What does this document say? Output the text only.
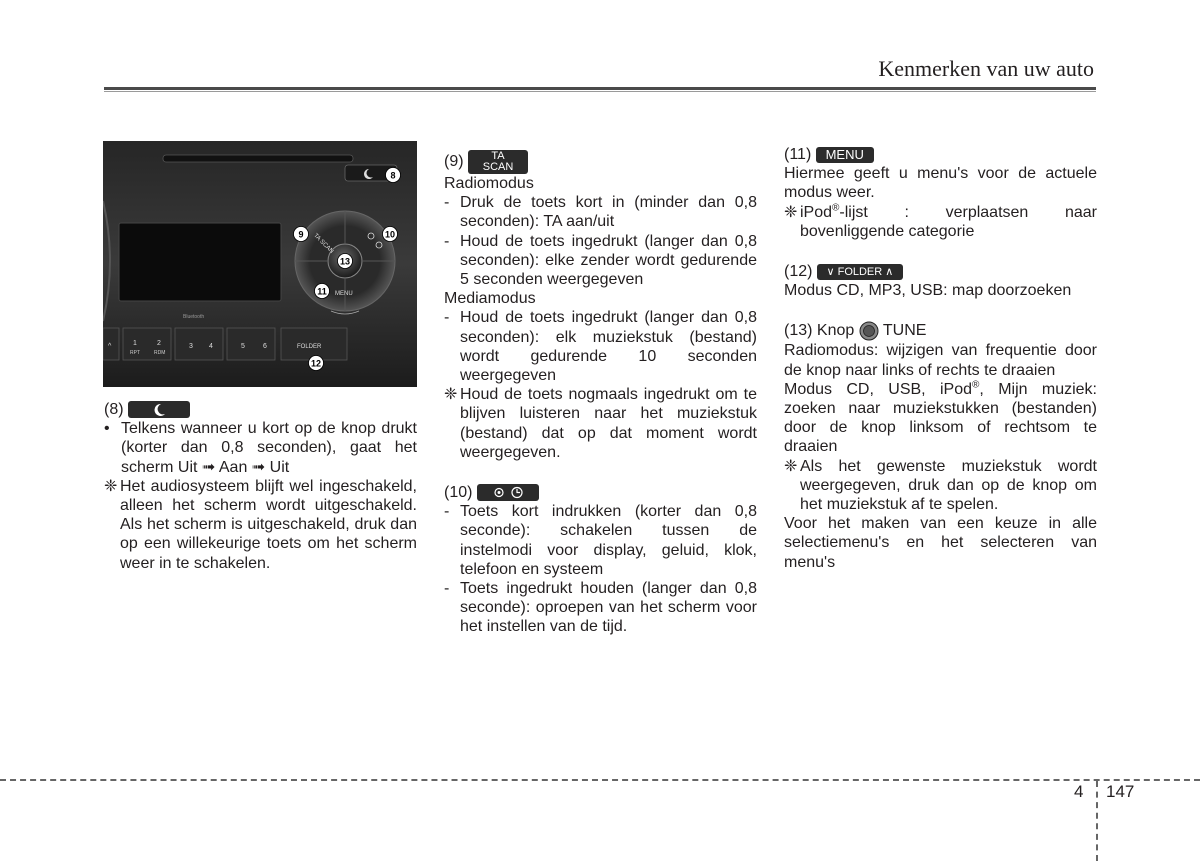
Kenmerken van uw auto
Bluetooth
TA SCAN
MENU
^	1
RPT
2
RDM
3 4	5	6	FOLDER
8
9	10
11
12
13

(8)

• Telkens wanneer u kort op de knop drukt (korter dan 0,8 seconden), gaat het scherm Uit ➟ Aan ➟ Uit
❈ Het audiosysteem blijft wel ingeschakeld, alleen het scherm wordt uitgeschakeld. Als het scherm is uitgeschakeld, druk dan op een willekeurige toets om het scherm weer in te schakelen.

(9)	TA
SCAN

Radiomodus

- Druk de toets kort in (minder dan 0,8 seconden): TA aan/uit
- Houd de toets ingedrukt (langer dan 0,8 seconden): elke zender wordt gedurende 5 seconden weergegeven

Mediamodus

- Houd de toets ingedrukt (langer dan 0,8 seconden): elk muziekstuk (bestand) wordt gedurende 10 seconden weergegeven
❈ Houd de toets nogmaals ingedrukt om te blijven luisteren naar het muziekstuk (bestand) dat op dat moment wordt weergegeven.

(10)

- Toets kort indrukken (korter dan 0,8 seconde): schakelen tussen de instelmodi voor display, geluid, klok, telefoon en systeem
- Toets ingedrukt houden (langer dan 0,8 seconde): oproepen van het scherm voor het instellen van de tijd.

(11) MENU

Hiermee geeft u menu's voor de actuele modus weer.

❈ iPod®-lijst : verplaatsen naar bovenliggende categorie

(12) ∨ FOLDER ∧

Modus CD, MP3, USB: map doorzoeken

(13) Knop TUNE

Radiomodus: wijzigen van frequentie door de knop naar links of rechts te draaien

Modus CD, USB, iPod®, Mijn muziek: zoeken naar muziekstukken (bestanden) door de knop linksom of rechtsom te draaien

❈ Als het gewenste muziekstuk wordt weergegeven, druk dan op de knop om het muziekstuk af te spelen.

Voor het maken van een keuze in alle selectiemenu's en het selecteren van menu's

4 147
